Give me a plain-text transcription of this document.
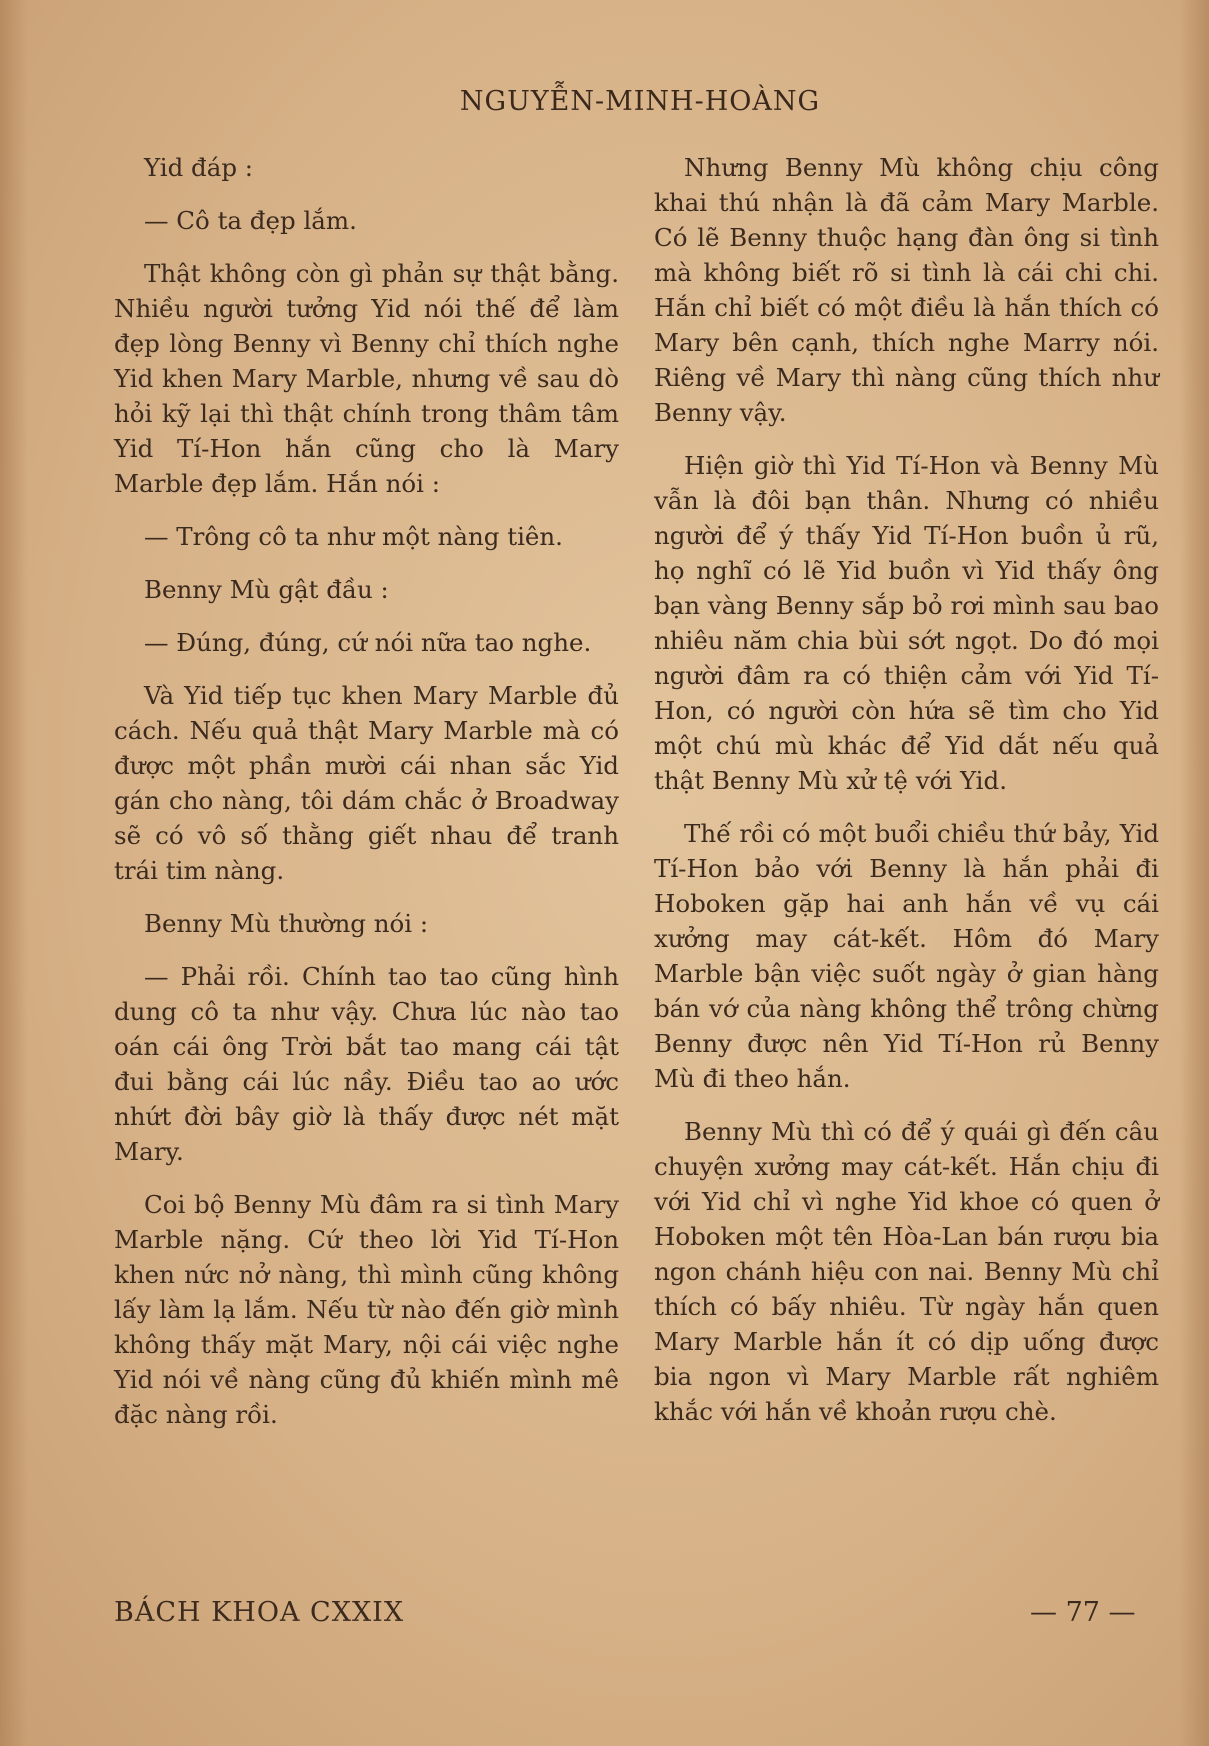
NGUYỄN-MINH-HOÀNG

Yid đáp :

— Cô ta đẹp lắm.

Thật không còn gì phản sự thật bằng. Nhiều người tưởng Yid nói thế để làm đẹp lòng Benny vì Benny chỉ thích nghe Yid khen Mary Marble, nhưng về sau dò hỏi kỹ lại thì thật chính trong thâm tâm Yid Tí-Hon hắn cũng cho là Mary Marble đẹp lắm. Hắn nói :

— Trông cô ta như một nàng tiên.

Benny Mù gật đầu :

— Đúng, đúng, cứ nói nữa tao nghe.

Và Yid tiếp tục khen Mary Marble đủ cách. Nếu quả thật Mary Marble mà có được một phần mười cái nhan sắc Yid gán cho nàng, tôi dám chắc ở Broadway sẽ có vô số thằng giết nhau để tranh trái tim nàng.

Benny Mù thường nói :

— Phải rồi. Chính tao tao cũng hình dung cô ta như vậy. Chưa lúc nào tao oán cái ông Trời bắt tao mang cái tật đui bằng cái lúc nầy. Điều tao ao ước nhứt đời bây giờ là thấy được nét mặt Mary.

Coi bộ Benny Mù đâm ra si tình Mary Marble nặng. Cứ theo lời Yid Tí-Hon khen nức nở nàng, thì mình cũng không lấy làm lạ lắm. Nếu từ nào đến giờ mình không thấy mặt Mary, nội cái việc nghe Yid nói về nàng cũng đủ khiến mình mê đặc nàng rồi.

Nhưng Benny Mù không chịu công khai thú nhận là đã cảm Mary Marble. Có lẽ Benny thuộc hạng đàn ông si tình mà không biết rõ si tình là cái chi chi. Hắn chỉ biết có một điều là hắn thích có Mary bên cạnh, thích nghe Marry nói. Riêng về Mary thì nàng cũng thích như Benny vậy.

Hiện giờ thì Yid Tí-Hon và Benny Mù vẫn là đôi bạn thân. Nhưng có nhiều người để ý thấy Yid Tí-Hon buồn ủ rũ, họ nghĩ có lẽ Yid buồn vì Yid thấy ông bạn vàng Benny sắp bỏ rơi mình sau bao nhiêu năm chia bùi sớt ngọt. Do đó mọi người đâm ra có thiện cảm với Yid Tí-Hon, có người còn hứa sẽ tìm cho Yid một chú mù khác để Yid dắt nếu quả thật Benny Mù xử tệ với Yid.

Thế rồi có một buổi chiều thứ bảy, Yid Tí-Hon bảo với Benny là hắn phải đi Hoboken gặp hai anh hắn về vụ cái xưởng may cát-kết. Hôm đó Mary Marble bận việc suốt ngày ở gian hàng bán vớ của nàng không thể trông chừng Benny được nên Yid Tí-Hon rủ Benny Mù đi theo hắn.

Benny Mù thì có để ý quái gì đến câu chuyện xưởng may cát-kết. Hắn chịu đi với Yid chỉ vì nghe Yid khoe có quen ở Hoboken một tên Hòa-Lan bán rượu bia ngon chánh hiệu con nai. Benny Mù chỉ thích có bấy nhiêu. Từ ngày hắn quen Mary Marble hắn ít có dịp uống được bia ngon vì Mary Marble rất nghiêm khắc với hắn về khoản rượu chè.

BÁCH KHOA CXXIX	— 77 —
